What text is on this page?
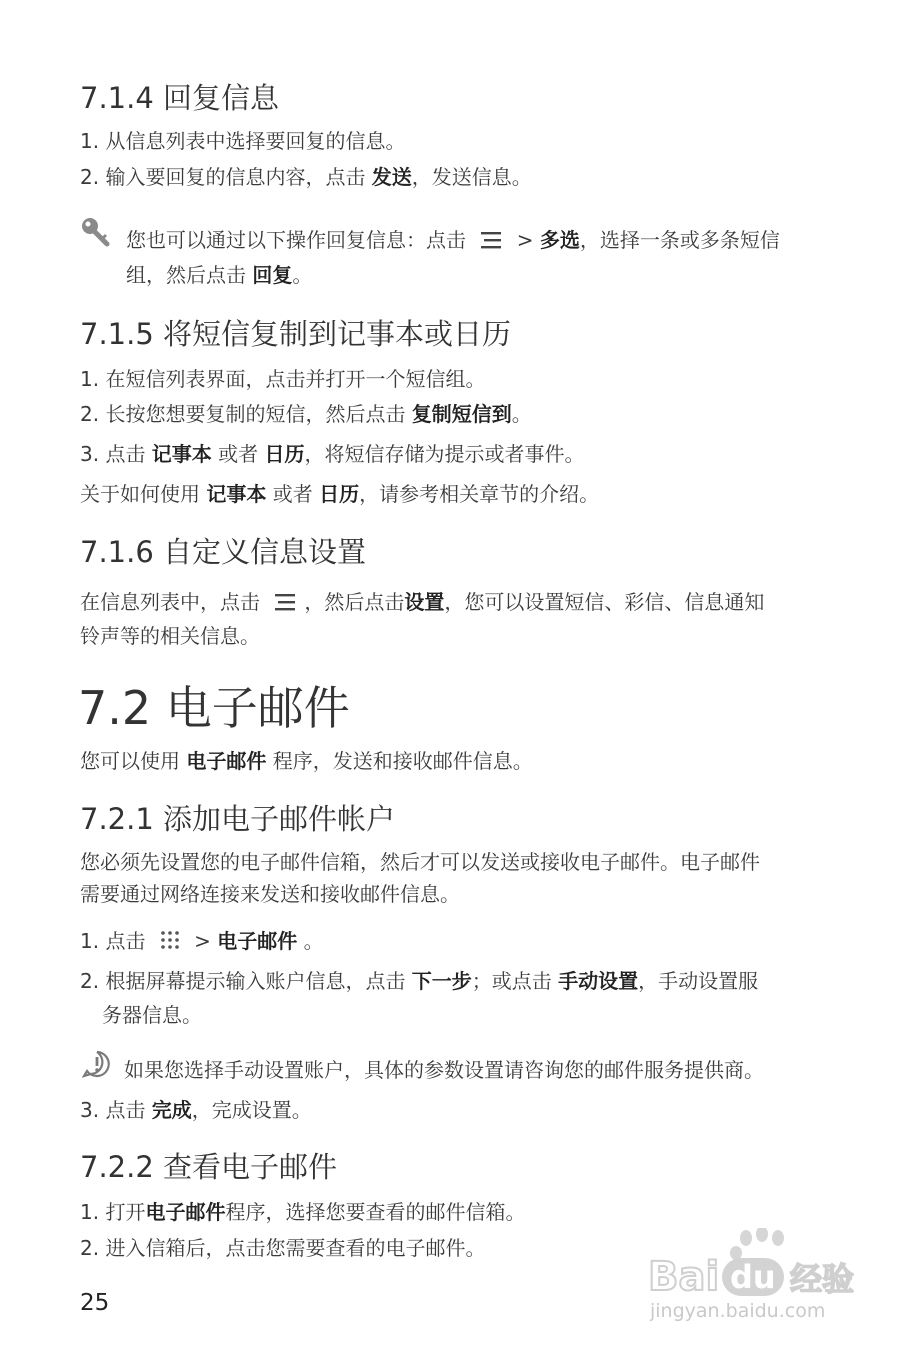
7.1.4 回复信息
1. 从信息列表中选择要回复的信息。
2. 输入要回复的信息内容，点击 发送，发送信息。
您也可以通过以下操作回复信息：点击  > 多选，选择一条或多条短信
组，然后点击 回复。
7.1.5 将短信复制到记事本或日历
1. 在短信列表界面，点击并打开一个短信组。
2. 长按您想要复制的短信，然后点击 复制短信到。
3. 点击 记事本 或者 日历，将短信存储为提示或者事件。
关于如何使用 记事本 或者 日历，请参考相关章节的介绍。
7.1.6 自定义信息设置
在信息列表中，点击 ，然后点击设置，您可以设置短信、彩信、信息通知
铃声等的相关信息。
7.2 电子邮件
您可以使用 电子邮件 程序，发送和接收邮件信息。
7.2.1 添加电子邮件帐户
您必须先设置您的电子邮件信箱，然后才可以发送或接收电子邮件。电子邮件
需要通过网络连接来发送和接收邮件信息。
1. 点击  > 电子邮件 。
2. 根据屏幕提示输入账户信息，点击 下一步；或点击 手动设置，手动设置服
务器信息。
如果您选择手动设置账户，具体的参数设置请咨询您的邮件服务提供商。
3. 点击 完成，完成设置。
7.2.2 查看电子邮件
1. 打开电子邮件程序，选择您要查看的邮件信箱。
2. 进入信箱后，点击您需要查看的电子邮件。
25
Bai du 经验
jingyan.baidu.com
